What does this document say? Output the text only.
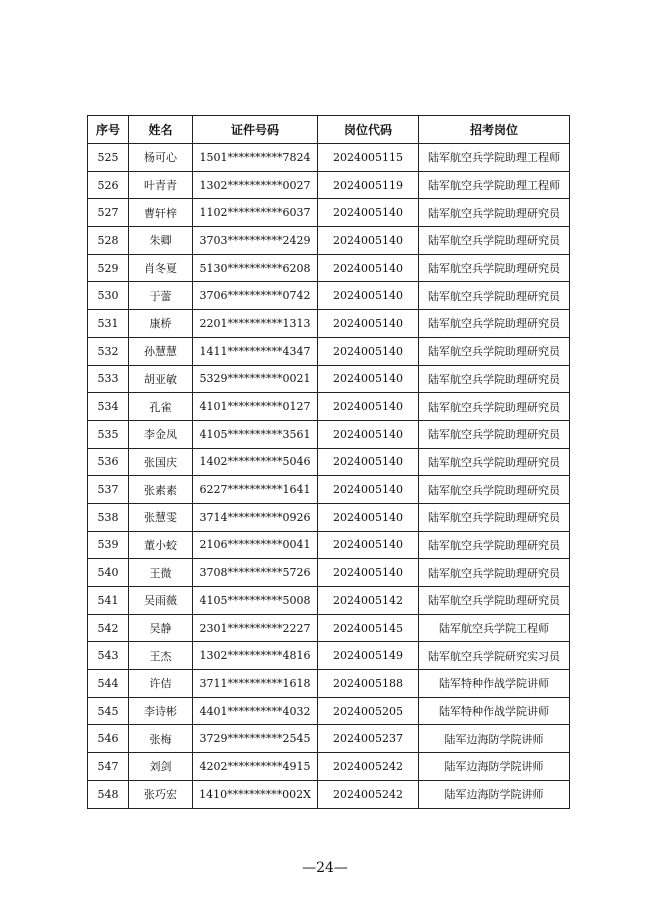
序号	姓名	证件号码	岗位代码	招考岗位
525	杨可心	1501**********7824	2024005115	陆军航空兵学院助理工程师
526	叶青青	1302**********0027	2024005119	陆军航空兵学院助理工程师
527	曹轩梓	1102**********6037	2024005140	陆军航空兵学院助理研究员
528	朱卿	3703**********2429	2024005140	陆军航空兵学院助理研究员
529	肖冬夏	5130**********6208	2024005140	陆军航空兵学院助理研究员
530	于蕾	3706**********0742	2024005140	陆军航空兵学院助理研究员
531	康桥	2201**********1313	2024005140	陆军航空兵学院助理研究员
532	孙慧慧	1411**********4347	2024005140	陆军航空兵学院助理研究员
533	胡亚敏	5329**********0021	2024005140	陆军航空兵学院助理研究员
534	孔雀	4101**********0127	2024005140	陆军航空兵学院助理研究员
535	李金凤	4105**********3561	2024005140	陆军航空兵学院助理研究员
536	张国庆	1402**********5046	2024005140	陆军航空兵学院助理研究员
537	张素素	6227**********1641	2024005140	陆军航空兵学院助理研究员
538	张慧雯	3714**********0926	2024005140	陆军航空兵学院助理研究员
539	董小蛟	2106**********0041	2024005140	陆军航空兵学院助理研究员
540	王微	3708**********5726	2024005140	陆军航空兵学院助理研究员
541	吴雨薇	4105**********5008	2024005142	陆军航空兵学院助理研究员
542	吴静	2301**********2227	2024005145	陆军航空兵学院工程师
543	王杰	1302**********4816	2024005149	陆军航空兵学院研究实习员
544	许佶	3711**********1618	2024005188	陆军特种作战学院讲师
545	李诗彬	4401**********4032	2024005205	陆军特种作战学院讲师
546	张梅	3729**********2545	2024005237	陆军边海防学院讲师
547	刘剑	4202**********4915	2024005242	陆军边海防学院讲师
548	张巧宏	1410**********002X	2024005242	陆军边海防学院讲师
—24—
